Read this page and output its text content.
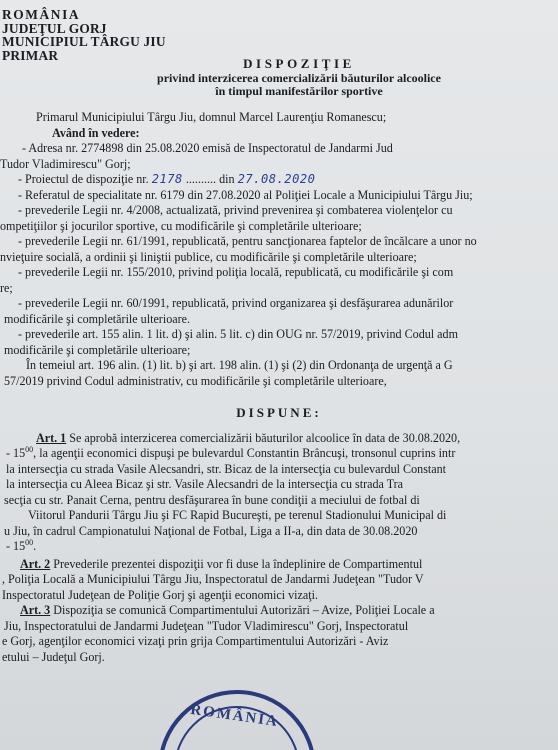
ROMÂNIA
JUDEŢUL GORJ
MUNICIPIUL TÂRGU JIU
PRIMAR
DISPOZIŢIE
privind interzicerea comercializării băuturilor alcoolice
în timpul manifestărilor sportive
Primarul Municipiului Târgu Jiu, domnul Marcel Laurenţiu Romanescu;
Având în vedere:
- Adresa nr. 2774898 din 25.08.2020 emisă de Inspectoratul de Jandarmi Jud
Tudor Vladimirescu" Gorj;
- Proiectul de dispoziţie nr. 2178 .......... din 27.08.2020
- Referatul de specialitate nr. 6179 din 27.08.2020 al Poliţiei Locale a Municipiului Târgu Jiu;
- prevederile Legii nr. 4/2008, actualizată, privind prevenirea şi combaterea violenţelor cu
ompetiţiilor şi jocurilor sportive, cu modificările şi completările ulterioare;
- prevederile Legii nr. 61/1991, republicată, pentru sancţionarea faptelor de încălcare a unor no
nvieţuire socială, a ordinii şi liniştii publice, cu modificările şi completările ulterioare;
- prevederile Legii nr. 155/2010, privind poliţia locală, republicată, cu modificările şi com
re;
- prevederile Legii nr. 60/1991, republicată, privind organizarea şi desfăşurarea adunărilor
modificările şi completările ulterioare.
- prevederile art. 155 alin. 1 lit. d) şi alin. 5 lit. c) din OUG nr. 57/2019, privind Codul adm
modificările şi completările ulterioare;
În temeiul art. 196 alin. (1) lit. b) şi art. 198 alin. (1) şi (2) din Ordonanţa de urgenţă a G
57/2019 privind Codul administrativ, cu modificările şi completările ulterioare,
DISPUNE:
Art. 1 Se aprobă interzicerea comercializării băuturilor alcoolice în data de 30.08.2020,
- $15^{00}$, la agenţii economici dispuşi pe bulevardul Constantin Brâncuşi, tronsonul cuprins intr
la intersecţia cu strada Vasile Alecsandri, str. Bicaz de la intersecţia cu bulevardul Constant
la intersecţia cu Aleea Bicaz şi str. Vasile Alecsandri de la intersecţia cu strada Tra
secţia cu str. Panait Cerna, pentru desfăşurarea în bune condiţii a meciului de fotbal di
Viitorul Pandurii Târgu Jiu şi FC Rapid Bucureşti, pe terenul Stadionului Municipal di
u Jiu, în cadrul Campionatului Naţional de Fotbal, Liga a II-a, din data de 30.08.2020
- $15^{00}$.
Art. 2 Prevederile prezentei dispoziţii vor fi duse la îndeplinire de Compartimentul
, Poliţia Locală a Municipiului Târgu Jiu, Inspectoratul de Jandarmi Judeţean "Tudor V
Inspectoratul Judeţean de Poliţie Gorj şi agenţii economici vizaţi.
Art. 3 Dispoziţia se comunică Compartimentului Autorizări – Avize, Poliţiei Locale a
Jiu, Inspectoratului de Jandarmi Judeţean "Tudor Vladimirescu" Gorj, Inspectoratul
e Gorj, agenţilor economici vizaţi prin grija Compartimentului Autorizări - Aviz
etului – Judeţul Gorj.
ROMÂNIA
